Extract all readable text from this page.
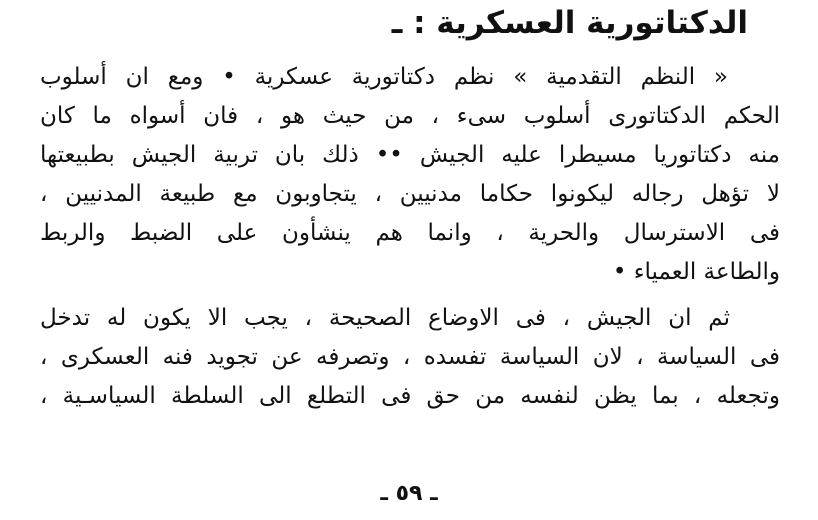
الدكتاتورية العسكرية : ـ
« النظم التقدمية » نظم دكتاتورية عسكرية • ومع ان أسلوب
الحكم الدكتاتورى أسلوب سىء ، من حيث هو ، فان أسواه ما كان
منه دكتاتوريا مسيطرا عليه الجيش •• ذلك بان تربية الجيش بطبيعتها
لا تؤهل رجاله ليكونوا حكاما مدنيين ، يتجاوبون مع طبيعة المدنيين ،
فى الاسترسال والحرية ، وانما هم ينشأون على الضبط والربط
والطاعة العمياء •
ثم ان الجيش ، فى الاوضاع الصحيحة ، يجب الا يكون له تدخل
فى السياسة ، لان السياسة تفسده ، وتصرفه عن تجويد فنه العسكرى ،
وتجعله ، بما يظن لنفسه من حق فى التطلع الى السلطة السياسـية ،
ـ ٥٩ ـ
